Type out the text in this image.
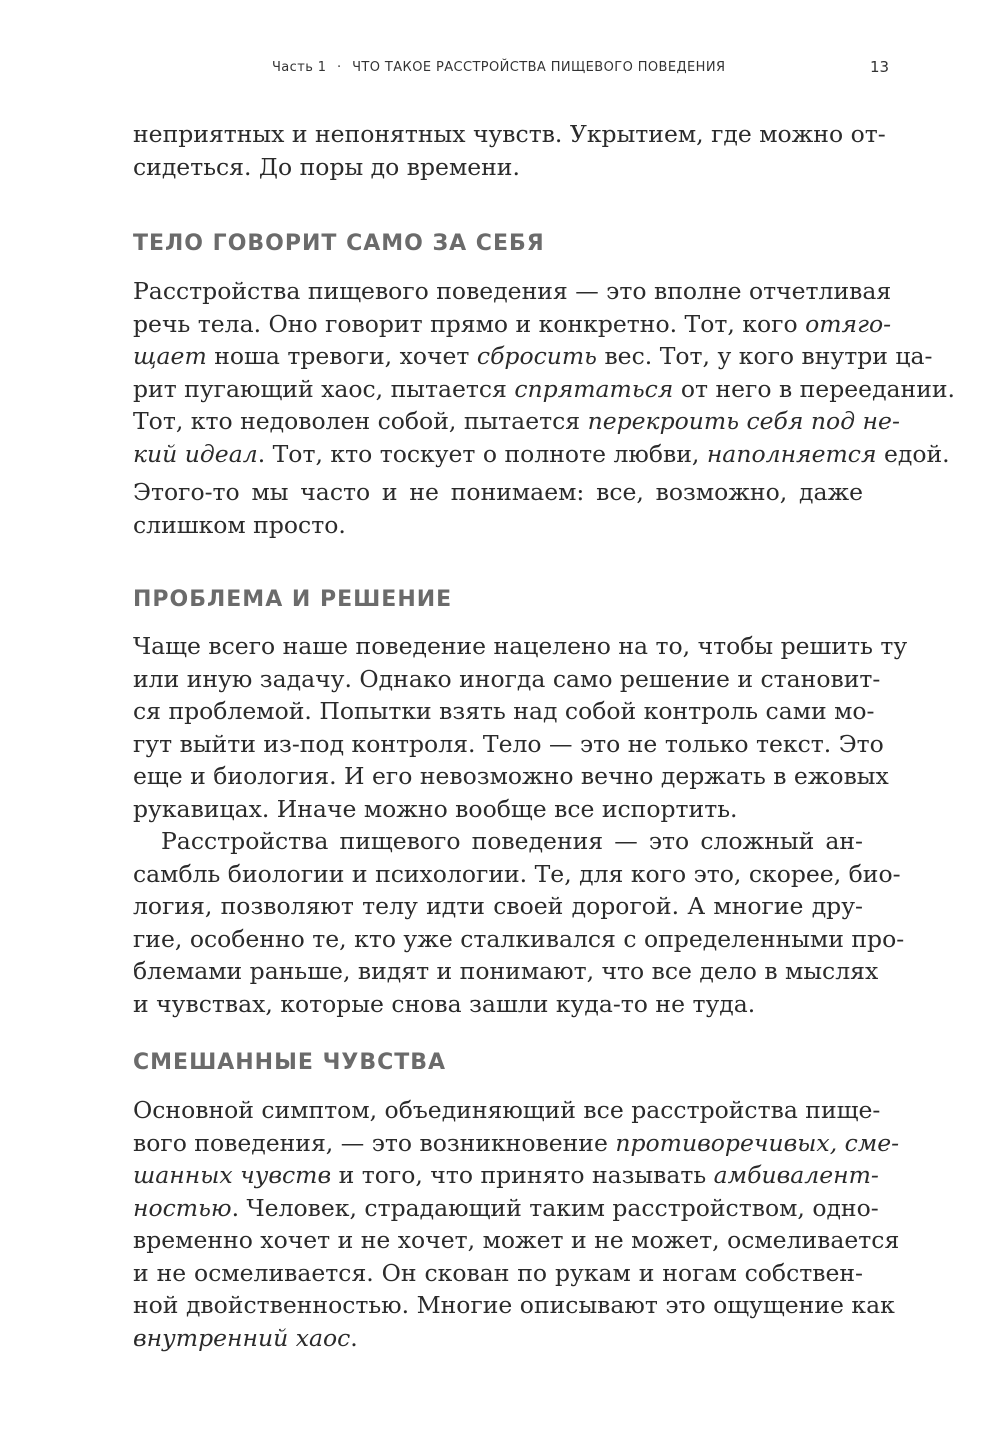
Часть 1 · ЧТО ТАКОЕ РАССТРОЙСТВА ПИЩЕВОГО ПОВЕДЕНИЯ	13

неприятных и непонятных чувств. Укрытием, где можно от-
сидеться. До поры до времени.

ТЕЛО ГОВОРИТ САМО ЗА СЕБЯ

Расстройства пищевого поведения — это вполне отчетливая
речь тела. Оно говорит прямо и конкретно. Тот, кого отяго-
щает ноша тревоги, хочет сбросить вес. Тот, у кого внутри ца-
рит пугающий хаос, пытается спрятаться от него в переедании.
Тот, кто недоволен собой, пытается перекроить себя под не-
кий идеал. Тот, кто тоскует о полноте любви, наполняется едой.

Этого-то мы часто и не понимаем: все, возможно, даже
слишком просто.

ПРОБЛЕМА И РЕШЕНИЕ

Чаще всего наше поведение нацелено на то, чтобы решить ту
или иную задачу. Однако иногда само решение и становит-
ся проблемой. Попытки взять над собой контроль сами мо-
гут выйти из-под контроля. Тело — это не только текст. Это
еще и биология. И его невозможно вечно держать в ежовых
рукавицах. Иначе можно вообще все испортить.
Расстройства пищевого поведения — это сложный ан-
самбль биологии и психологии. Те, для кого это, скорее, био-
логия, позволяют телу идти своей дорогой. А многие дру-
гие, особенно те, кто уже сталкивался с определенными про-
блемами раньше, видят и понимают, что все дело в мыслях
и чувствах, которые снова зашли куда-то не туда.

СМЕШАННЫЕ ЧУВСТВА

Основной симптом, объединяющий все расстройства пище-
вого поведения, — это возникновение противоречивых, сме-
шанных чувств и того, что принято называть амбивалент-
ностью. Человек, страдающий таким расстройством, одно-
временно хочет и не хочет, может и не может, осмеливается
и не осмеливается. Он скован по рукам и ногам собствен-
ной двойственностью. Многие описывают это ощущение как
внутренний хаос.
